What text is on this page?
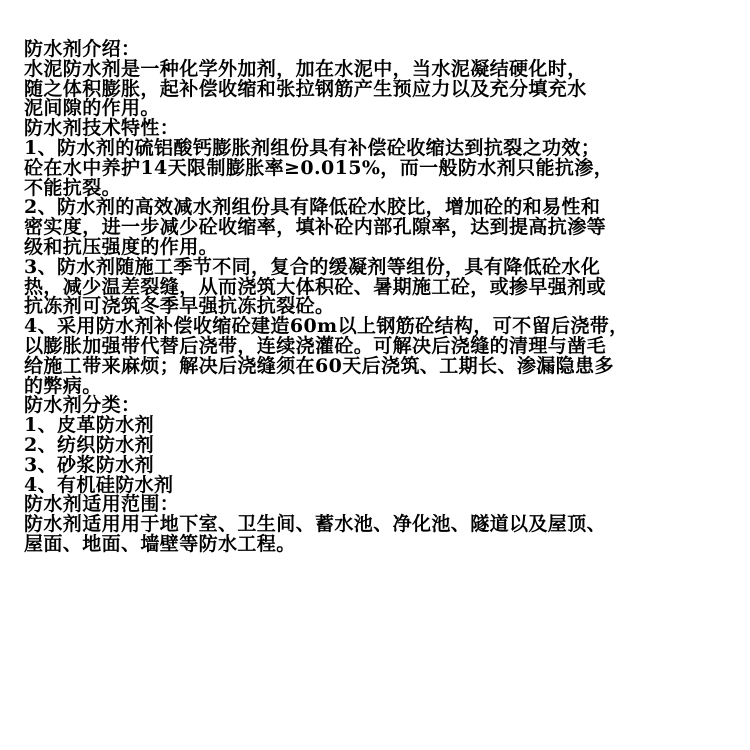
防水剂介绍：

水泥防水剂是一种化学外加剂，加在水泥中，当水泥凝结硬化时，

随之体积膨胀，起补偿收缩和张拉钢筋产生预应力以及充分填充水

泥间隙的作用。

防水剂技术特性：

1、防水剂的硫铝酸钙膨胀剂组份具有补偿砼收缩达到抗裂之功效；

砼在水中养护14天限制膨胀率≥0.015%，而一般防水剂只能抗渗，

不能抗裂。

2、防水剂的高效减水剂组份具有降低砼水胶比，增加砼的和易性和

密实度，进一步减少砼收缩率，填补砼内部孔隙率，达到提高抗渗等

级和抗压强度的作用。

3、防水剂随施工季节不同，复合的缓凝剂等组份，具有降低砼水化

热，减少温差裂缝，从而浇筑大体积砼、暑期施工砼，或掺早强剂或

抗冻剂可浇筑冬季早强抗冻抗裂砼。

4、采用防水剂补偿收缩砼建造60m以上钢筋砼结构，可不留后浇带，

以膨胀加强带代替后浇带，连续浇灌砼。可解决后浇缝的清理与凿毛

给施工带来麻烦；解决后浇缝须在60天后浇筑、工期长、渗漏隐患多

的弊病。

防水剂分类：

1、皮革防水剂

2、纺织防水剂

3、砂浆防水剂

4、有机硅防水剂

防水剂适用范围：

防水剂适用用于地下室、卫生间、蓄水池、净化池、隧道以及屋顶、

屋面、地面、墙壁等防水工程。
